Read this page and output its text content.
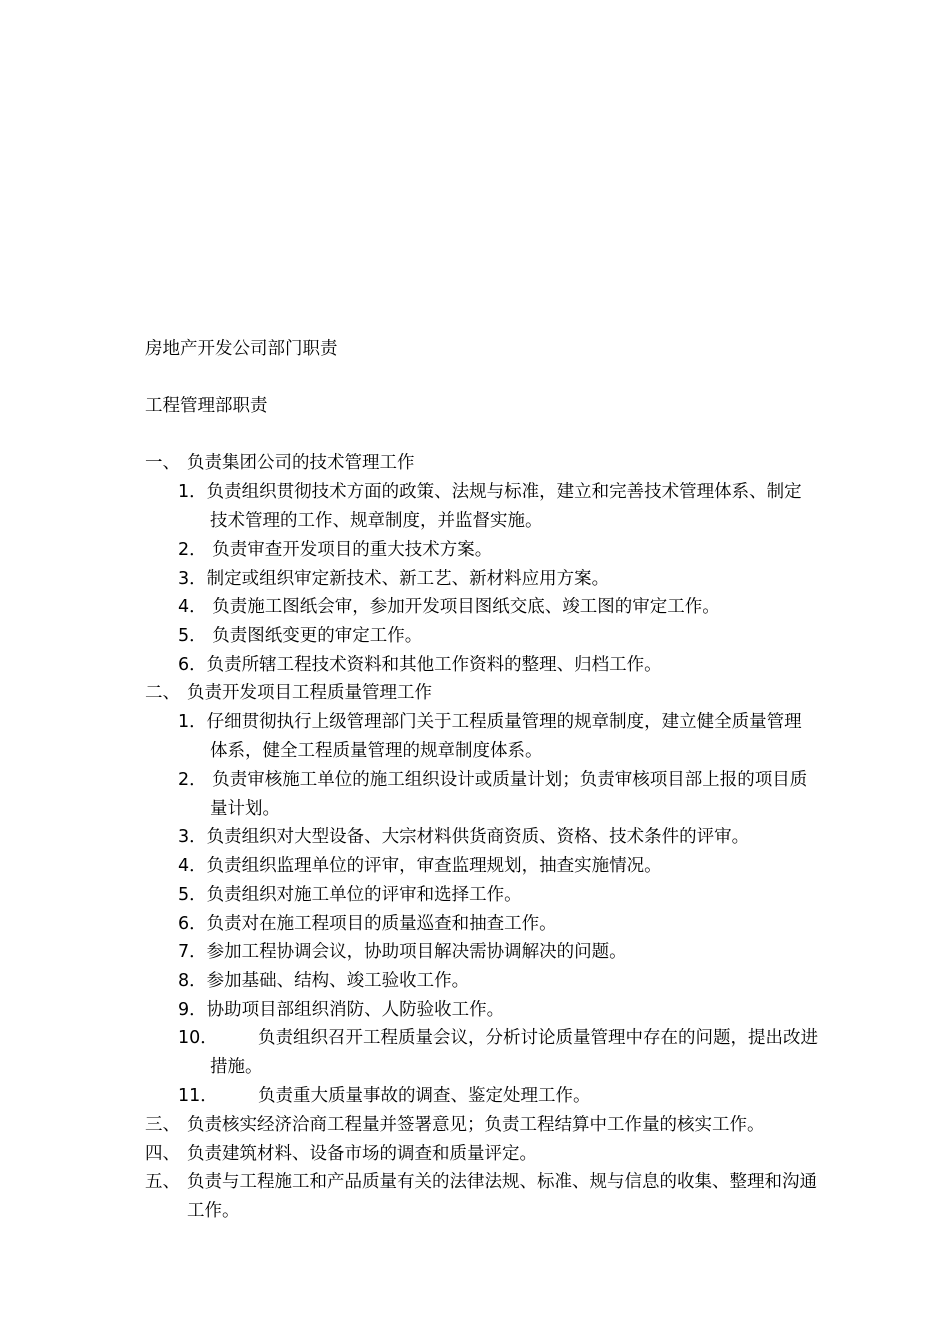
房地产开发公司部门职责
工程管理部职责
一、 负责集团公司的技术管理工作
1．负责组织贯彻技术方面的政策、法规与标准，建立和完善技术管理体系、制定
技术管理的工作、规章制度，并监督实施。
2． 负责审查开发项目的重大技术方案。
3．制定或组织审定新技术、新工艺、新材料应用方案。
4． 负责施工图纸会审，参加开发项目图纸交底、竣工图的审定工作。
5． 负责图纸变更的审定工作。
6．负责所辖工程技术资料和其他工作资料的整理、归档工作。
二、 负责开发项目工程质量管理工作
1．仔细贯彻执行上级管理部门关于工程质量管理的规章制度，建立健全质量管理
体系，健全工程质量管理的规章制度体系。
2． 负责审核施工单位的施工组织设计或质量计划；负责审核项目部上报的项目质
量计划。
3．负责组织对大型设备、大宗材料供货商资质、资格、技术条件的评审。
4．负责组织监理单位的评审，审查监理规划，抽查实施情况。
5．负责组织对施工单位的评审和选择工作。
6．负责对在施工程项目的质量巡查和抽查工作。
7．参加工程协调会议，协助项目解决需协调解决的问题。
8．参加基础、结构、竣工验收工作。
9．协助项目部组织消防、人防验收工作。
10． 负责组织召开工程质量会议，分析讨论质量管理中存在的问题，提出改进
措施。
11． 负责重大质量事故的调查、鉴定处理工作。
三、 负责核实经济洽商工程量并签署意见；负责工程结算中工作量的核实工作。
四、 负责建筑材料、设备市场的调查和质量评定。
五、 负责与工程施工和产品质量有关的法律法规、标准、规与信息的收集、整理和沟通
工作。
